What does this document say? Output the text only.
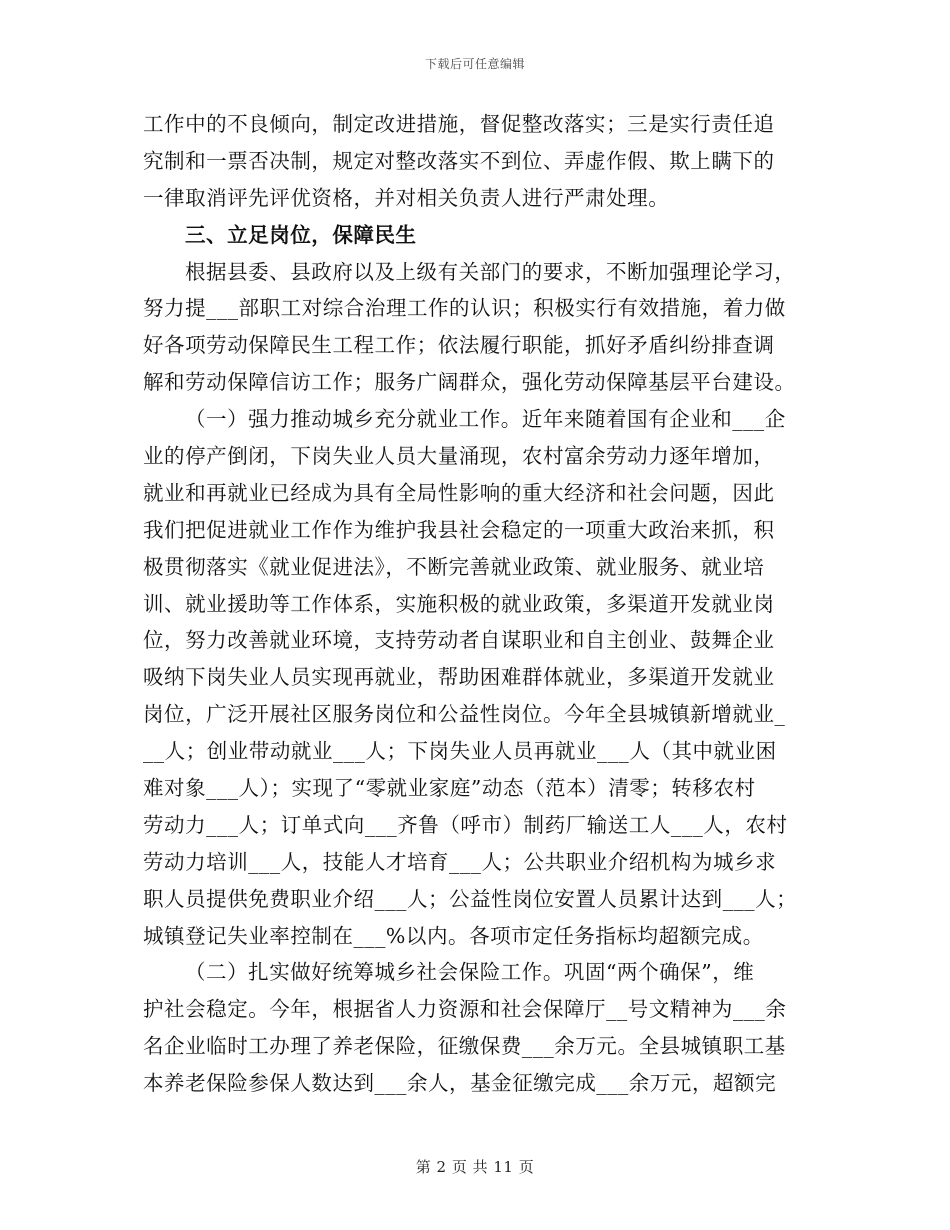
下载后可任意编辑

工作中的不良倾向，制定改进措施，督促整改落实；三是实行责任追

究制和一票否决制，规定对整改落实不到位、弄虚作假、欺上瞒下的

一律取消评先评优资格，并对相关负责人进行严肃处理。

三、立足岗位，保障民生

根据县委、县政府以及上级有关部门的要求，不断加强理论学习，

努力提___部职工对综合治理工作的认识；积极实行有效措施，着力做

好各项劳动保障民生工程工作；依法履行职能，抓好矛盾纠纷排查调

解和劳动保障信访工作；服务广阔群众，强化劳动保障基层平台建设。

（一）强力推动城乡充分就业工作。近年来随着国有企业和___企

业的停产倒闭，下岗失业人员大量涌现，农村富余劳动力逐年增加，

就业和再就业已经成为具有全局性影响的重大经济和社会问题，因此

我们把促进就业工作作为维护我县社会稳定的一项重大政治来抓，积

极贯彻落实《就业促进法》，不断完善就业政策、就业服务、就业培

训、就业援助等工作体系，实施积极的就业政策，多渠道开发就业岗

位，努力改善就业环境，支持劳动者自谋职业和自主创业、鼓舞企业

吸纳下岗失业人员实现再就业，帮助困难群体就业，多渠道开发就业

岗位，广泛开展社区服务岗位和公益性岗位。今年全县城镇新增就业_

__人；创业带动就业___人；下岗失业人员再就业___人（其中就业困

难对象___人）；实现了“零就业家庭”动态（范本）清零；转移农村

劳动力___人；订单式向___齐鲁（呼市）制药厂输送工人___人，农村

劳动力培训___人，技能人才培育___人；公共职业介绍机构为城乡求

职人员提供免费职业介绍___人；公益性岗位安置人员累计达到___人；

城镇登记失业率控制在___%以内。各项市定任务指标均超额完成。

（二）扎实做好统筹城乡社会保险工作。巩固“两个确保”，维

护社会稳定。今年，根据省人力资源和社会保障厅__号文精神为___余

名企业临时工办理了养老保险，征缴保费___余万元。全县城镇职工基

本养老保险参保人数达到___余人，基金征缴完成___余万元，超额完

第 2 页 共 11 页
